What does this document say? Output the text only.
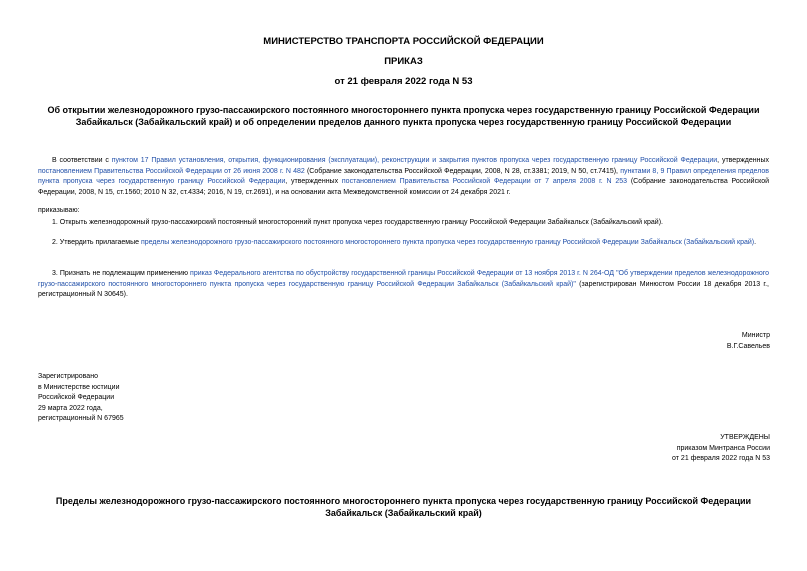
МИНИСТЕРСТВО ТРАНСПОРТА РОССИЙСКОЙ ФЕДЕРАЦИИ
ПРИКАЗ
от 21 февраля 2022 года N 53
Об открытии железнодорожного грузо-пассажирского постоянного многостороннего пункта пропуска через государственную границу Российской Федерации
Забайкальск (Забайкальский край) и об определении пределов данного пункта пропуска через государственную границу Российской Федерации
В соответствии с пунктом 17 Правил установления, открытия, функционирования (эксплуатации), реконструкции и закрытия пунктов пропуска через государственную границу Российской Федерации, утвержденных постановлением Правительства Российской Федерации от 26 июня 2008 г. N 482 (Собрание законодательства Российской Федерации, 2008, N 28, ст.3381; 2019, N 50, ст.7415), пунктами 8, 9 Правил определения пределов пункта пропуска через государственную границу Российской Федерации, утвержденных постановлением Правительства Российской Федерации от 7 апреля 2008 г. N 253 (Собрание законодательства Российской Федерации, 2008, N 15, ст.1560; 2010 N 32, ст.4334; 2016, N 19, ст.2691), и на основании акта Межведомственной комиссии от 24 декабря 2021 г.
приказываю:
1. Открыть железнодорожный грузо-пассажирский постоянный многосторонний пункт пропуска через государственную границу Российской Федерации Забайкальск (Забайкальский край).
2. Утвердить прилагаемые пределы железнодорожного грузо-пассажирского постоянного многостороннего пункта пропуска через государственную границу Российской Федерации Забайкальск (Забайкальский край).
3. Признать не подлежащим применению приказ Федерального агентства по обустройству государственной границы Российской Федерации от 13 ноября 2013 г. N 264-ОД "Об утверждении пределов железнодорожного грузо-пассажирского постоянного многостороннего пункта пропуска через государственную границу Российской Федерации Забайкальск (Забайкальский край)" (зарегистрирован Минюстом России 18 декабря 2013 г., регистрационный N 30645).
Министр
В.Г.Савельев
Зарегистрировано
в Министерстве юстиции
Российской Федерации
29 марта 2022 года,
регистрационный N 67965
УТВЕРЖДЕНЫ
приказом Минтранса России
от 21 февраля 2022 года N 53
Пределы железнодорожного грузо-пассажирского постоянного многостороннего пункта пропуска через государственную границу Российской Федерации
Забайкальск (Забайкальский край)
